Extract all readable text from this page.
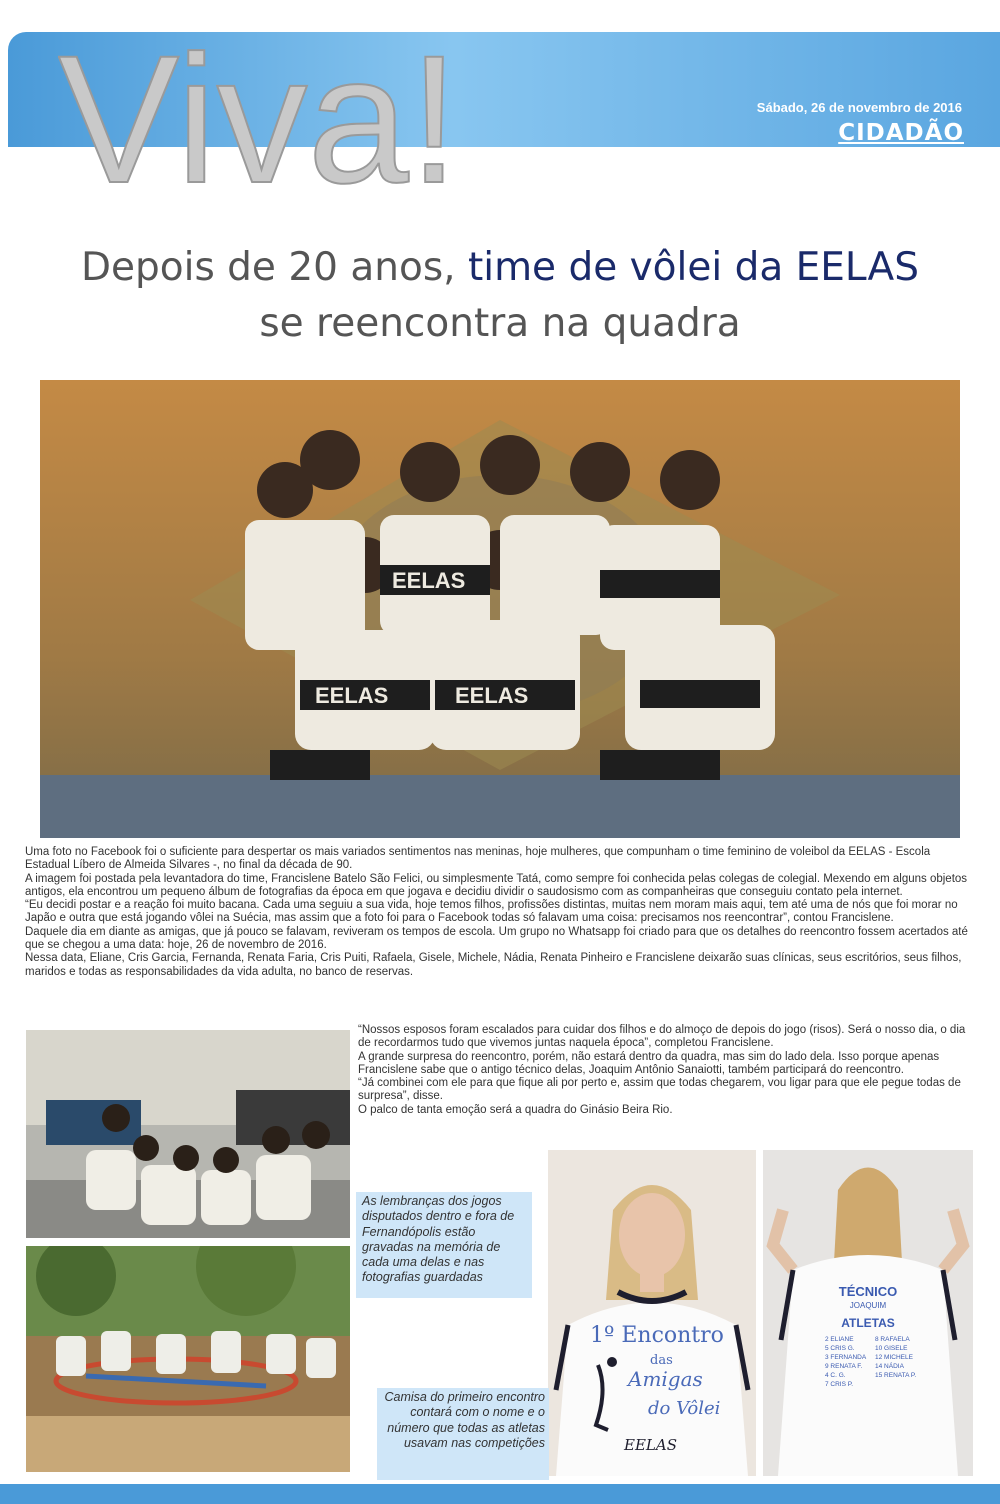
Viva!	Sábado, 26 de novembro de 2016
CIDADÃO
Depois de 20 anos, time de vôlei da EELAS
se reencontra na quadra
EELAS
EELAS	EELAS

Uma foto no Facebook foi o suficiente para despertar os mais variados sentimentos nas meninas, hoje mulheres, que compunham o time feminino de voleibol da EELAS - Escola Estadual Líbero de Almeida Silvares -, no final da década de 90.

A imagem foi postada pela levantadora do time, Francislene Batelo São Felici, ou simplesmente Tatá, como sempre foi conhecida pelas colegas de colegial. Mexendo em alguns objetos antigos, ela encontrou um pequeno álbum de fotografias da época em que jogava e decidiu dividir o saudosismo com as companheiras que conseguiu contato pela internet.

“Eu decidi postar e a reação foi muito bacana. Cada uma seguiu a sua vida, hoje temos filhos, profissões distintas, muitas nem moram mais aqui, tem até uma de nós que foi morar no Japão e outra que está jogando vôlei na Suécia, mas assim que a foto foi para o Facebook todas só falavam uma coisa: precisamos nos reencontrar”, contou Francislene.

Daquele dia em diante as amigas, que já pouco se falavam, reviveram os tempos de escola. Um grupo no Whatsapp foi criado para que os detalhes do reencontro fossem acertados até que se chegou a uma data: hoje, 26 de novembro de 2016.

Nessa data, Eliane, Cris Garcia, Fernanda, Renata Faria, Cris Puiti, Rafaela, Gisele, Michele, Nádia, Renata Pinheiro e Francislene deixarão suas clínicas, seus escritórios, seus filhos, maridos e todas as responsabilidades da vida adulta, no banco de reservas.

As lembranças dos jogos disputados dentro e fora de Fernandópolis estão gravadas na memória de cada uma delas e nas fotografias guardadas

“Nossos esposos foram escalados para cuidar dos filhos e do almoço de depois do jogo (risos). Será o nosso dia, o dia de recordarmos tudo que vivemos juntas naquela época”, completou Francislene.

A grande surpresa do reencontro, porém, não estará dentro da quadra, mas sim do lado dela. Isso porque apenas Francislene sabe que o antigo técnico delas, Joaquim Antônio Sanaiotti, também participará do reencontro.

“Já combinei com ele para que fique ali por perto e, assim que todas chegarem, vou ligar para que ele pegue todas de surpresa”, disse.

O palco de tanta emoção será a quadra do Ginásio Beira Rio.

1º Encontro
das
Amigas
do Vôlei
EELAS
TÉCNICO
JOAQUIM
ATLETAS
2 ELIANE
5 CRIS G.
3 FERNANDA
9 RENATA F.
4 C. G.
7 CRIS P.
8 RAFAELA
10 GISELE
12 MICHELE
14 NÁDIA
15 RENATA P.
Camisa do primeiro encontro contará com o nome e o número que todas as atletas usavam nas competições
